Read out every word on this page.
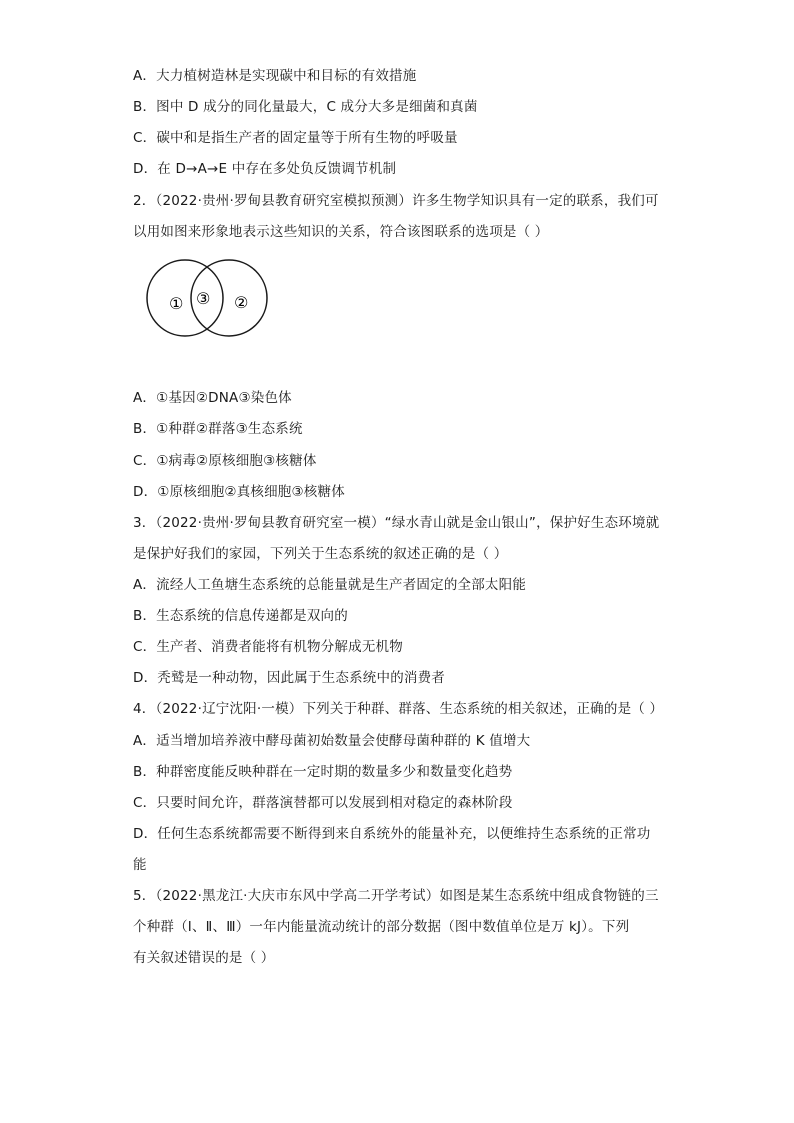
A．大力植树造林是实现碳中和目标的有效措施
B．图中 D 成分的同化量最大，C 成分大多是细菌和真菌
C．碳中和是指生产者的固定量等于所有生物的呼吸量
D．在 D→A→E 中存在多处负反馈调节机制
2．（2022·贵州·罗甸县教育研究室模拟预测）许多生物学知识具有一定的联系，我们可
以用如图来形象地表示这些知识的关系，符合该图联系的选项是（ ）
① ③ ②
A．①基因②DNA③染色体
B．①种群②群落③生态系统
C．①病毒②原核细胞③核糖体
D．①原核细胞②真核细胞③核糖体
3．（2022·贵州·罗甸县教育研究室一模）“绿水青山就是金山银山”，保护好生态环境就
是保护好我们的家园，下列关于生态系统的叙述正确的是（ ）
A．流经人工鱼塘生态系统的总能量就是生产者固定的全部太阳能
B．生态系统的信息传递都是双向的
C．生产者、消费者能将有机物分解成无机物
D．秃鹫是一种动物，因此属于生态系统中的消费者
4．（2022·辽宁沈阳·一模）下列关于种群、群落、生态系统的相关叙述，正确的是（ ）
A．适当增加培养液中酵母菌初始数量会使酵母菌种群的 K 值增大
B．种群密度能反映种群在一定时期的数量多少和数量变化趋势
C．只要时间允许，群落演替都可以发展到相对稳定的森林阶段
D．任何生态系统都需要不断得到来自系统外的能量补充，以便维持生态系统的正常功
能
5．（2022·黑龙江·大庆市东风中学高二开学考试）如图是某生态系统中组成食物链的三
个种群（Ⅰ、Ⅱ、Ⅲ）一年内能量流动统计的部分数据（图中数值单位是万 kJ）。下列
有关叙述错误的是（ ）
